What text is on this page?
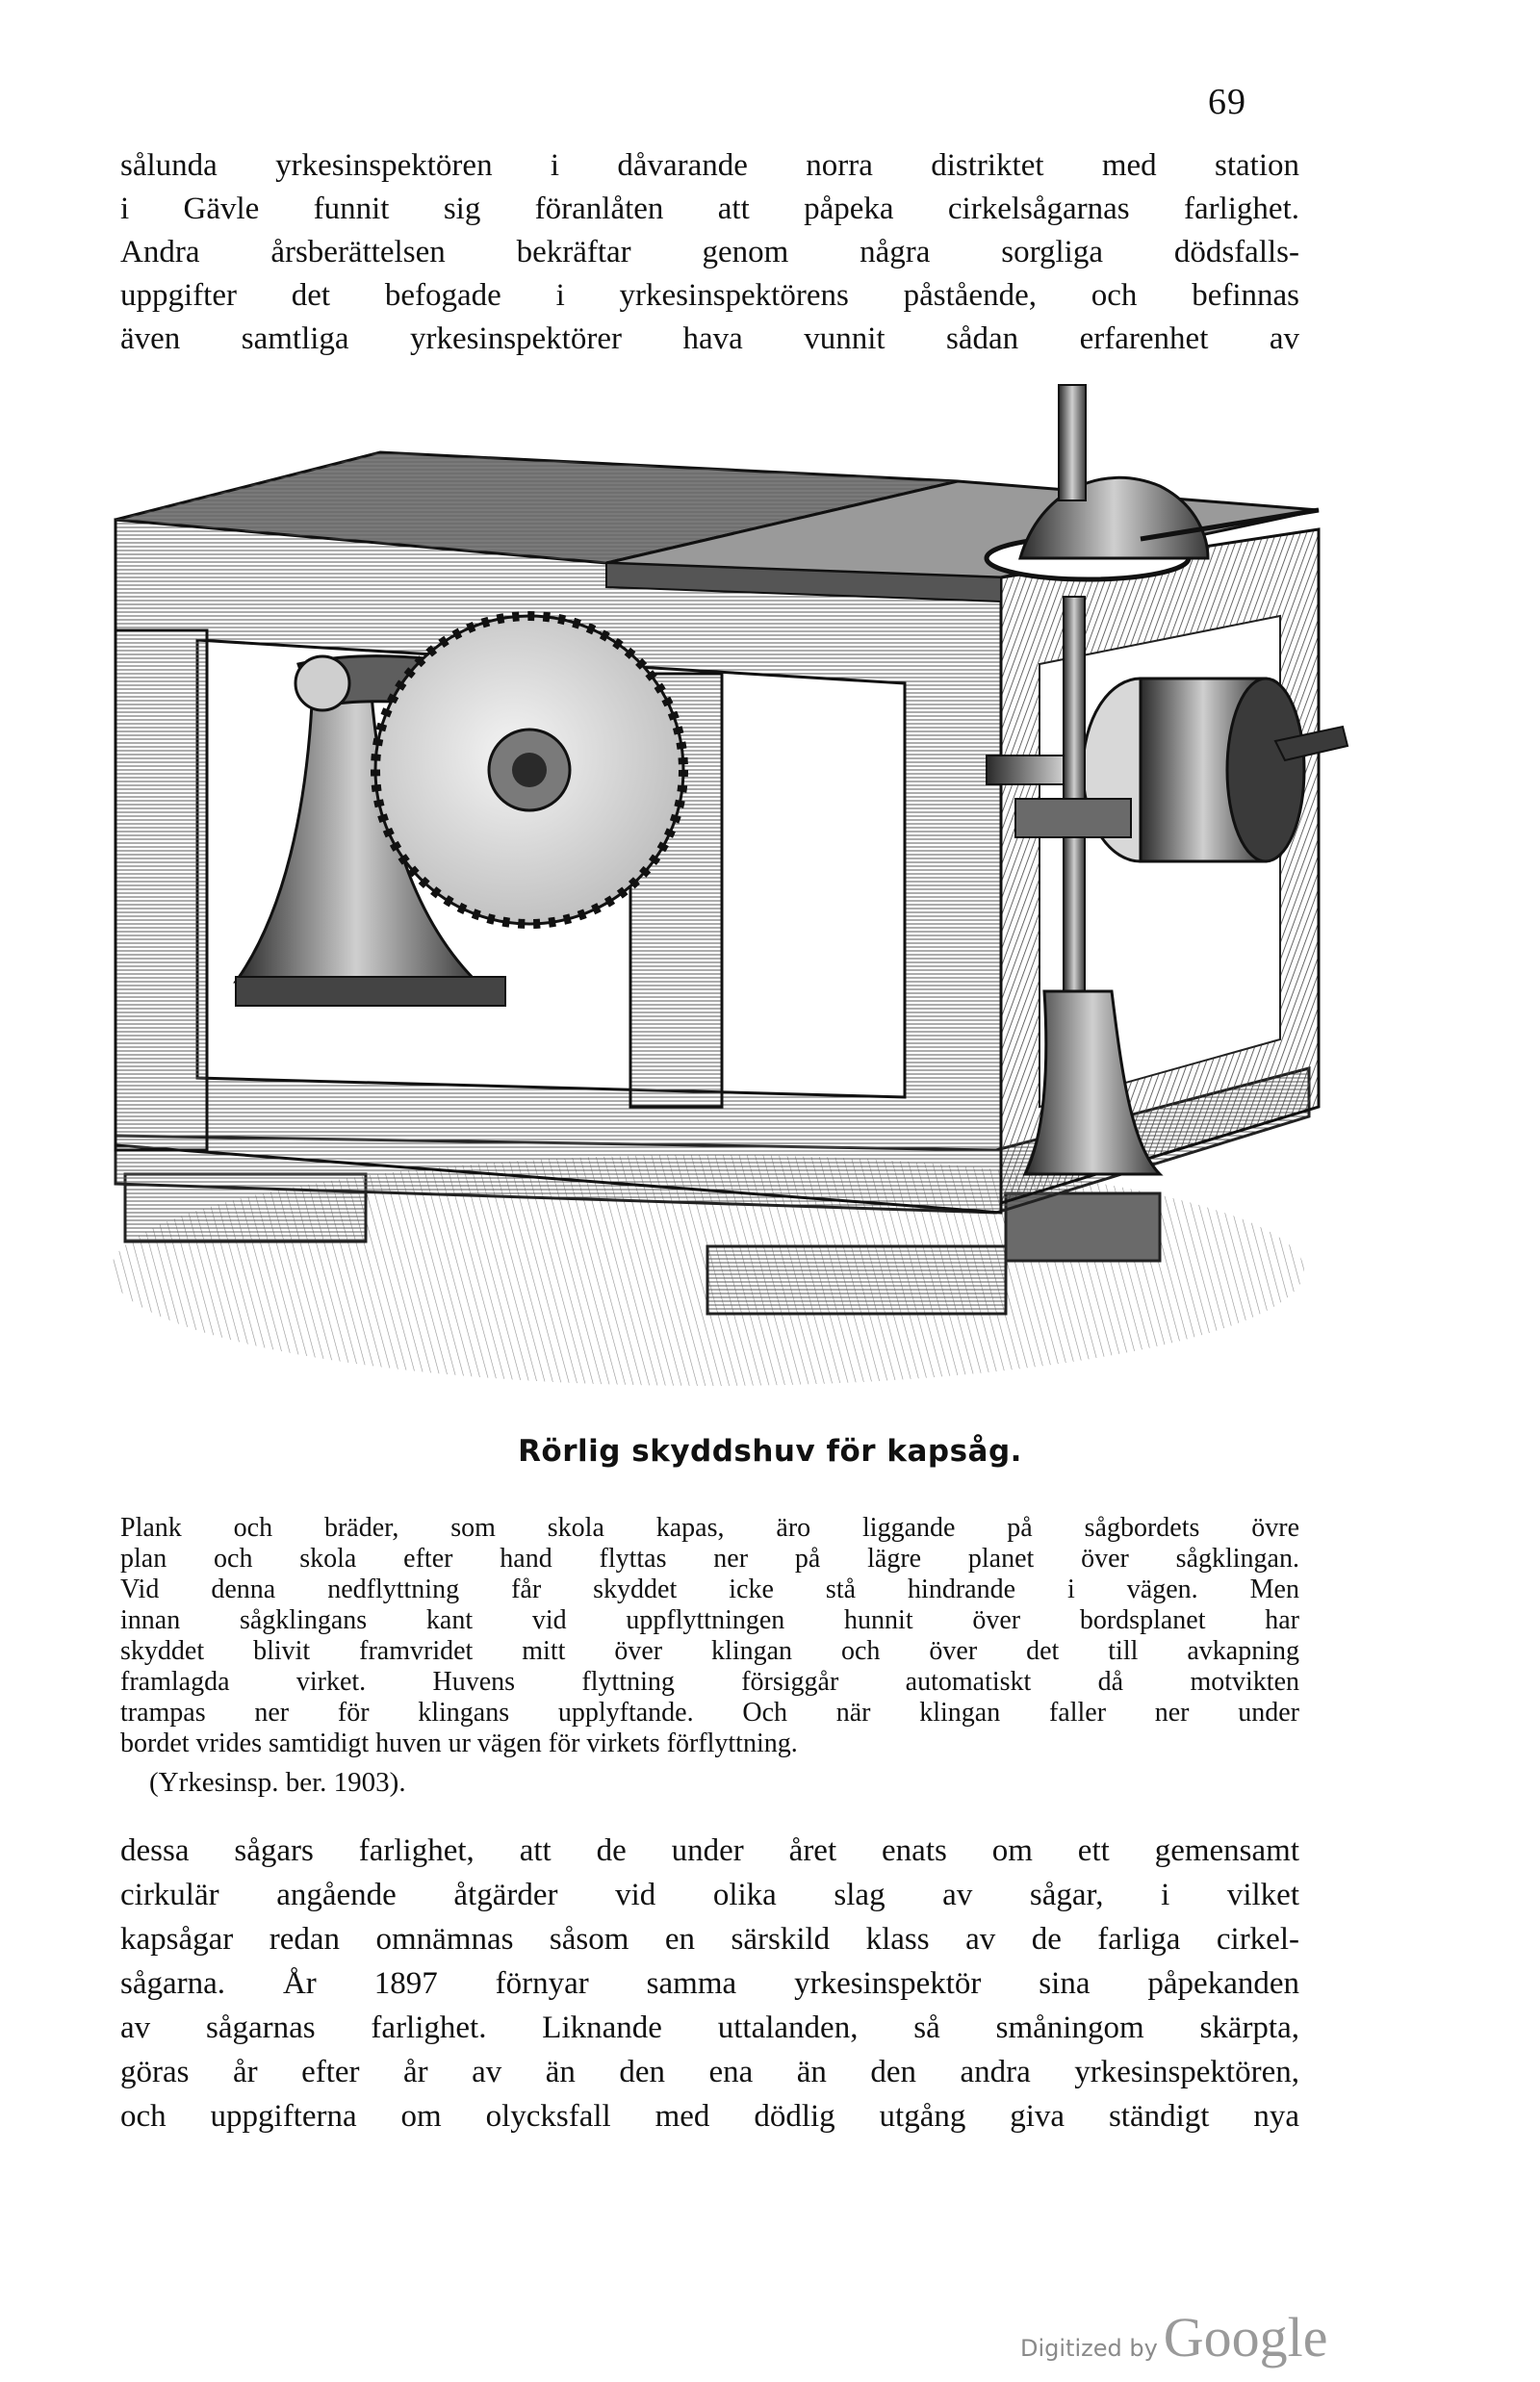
69
sålunda yrkesinspektören i dåvarande norra distriktet med station
i Gävle funnit sig föranlåten att påpeka cirkelsågarnas farlighet.
Andra årsberättelsen bekräftar genom några sorgliga dödsfalls-
uppgifter det befogade i yrkesinspektörens påstående, och befinnas
även samtliga yrkesinspektörer hava vunnit sådan erfarenhet av
Rörlig skyddshuv för kapsåg.
Plank och bräder, som skola kapas, äro liggande på sågbordets övre
plan och skola efter hand flyttas ner på lägre planet över sågklingan.
Vid denna nedflyttning får skyddet icke stå hindrande i vägen. Men
innan sågklingans kant vid uppflyttningen hunnit över bordsplanet har
skyddet blivit framvridet mitt över klingan och över det till avkapning
framlagda virket. Huvens flyttning försiggår automatiskt då motvikten
trampas ner för klingans upplyftande. Och när klingan faller ner under
bordet vrides samtidigt huven ur vägen för virkets förflyttning.
(Yrkesinsp. ber. 1903).
dessa sågars farlighet, att de under året enats om ett gemensamt
cirkulär angående åtgärder vid olika slag av sågar, i vilket
kapsågar redan omnämnas såsom en särskild klass av de farliga cirkel-
sågarna. År 1897 förnyar samma yrkesinspektör sina påpekanden
av sågarnas farlighet. Liknande uttalanden, så småningom skärpta,
göras år efter år av än den ena än den andra yrkesinspektören,
och uppgifterna om olycksfall med dödlig utgång giva ständigt nya
Digitized by Google
